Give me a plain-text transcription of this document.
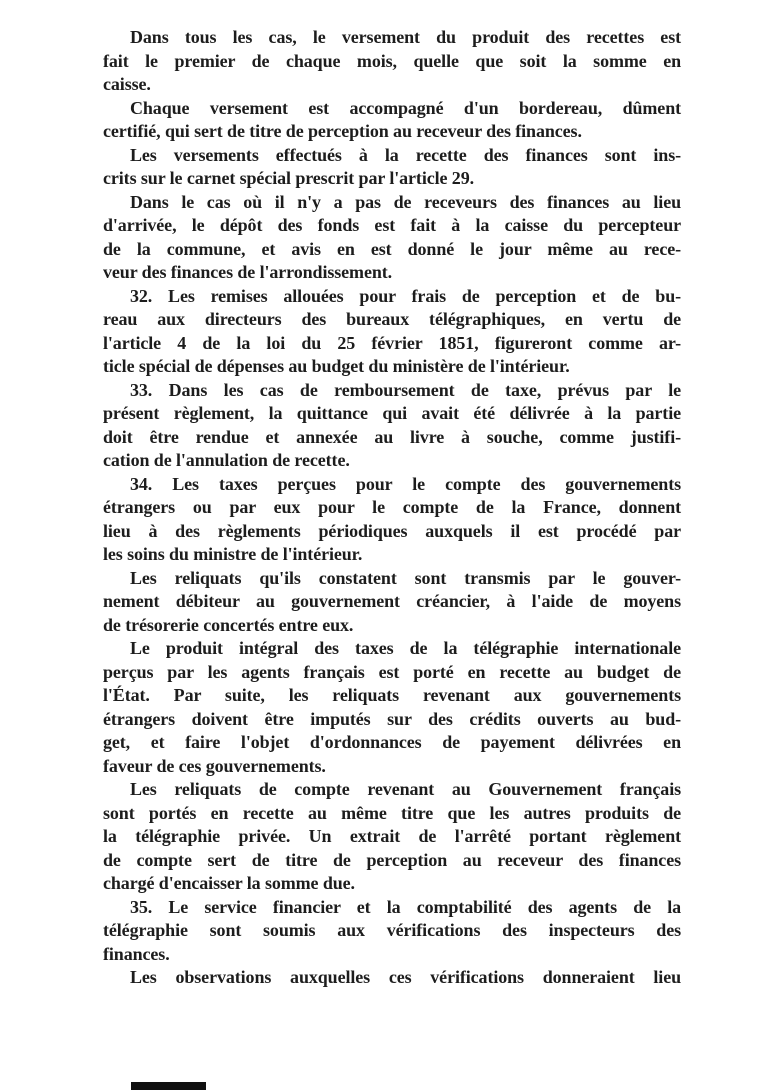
Dans tous les cas, le versement du produit des recettes est
fait le premier de chaque mois, quelle que soit la somme en
caisse.
Chaque versement est accompagné d'un bordereau, dûment
certifié, qui sert de titre de perception au receveur des finances.
Les versements effectués à la recette des finances sont ins-
crits sur le carnet spécial prescrit par l'article 29.
Dans le cas où il n'y a pas de receveurs des finances au lieu
d'arrivée, le dépôt des fonds est fait à la caisse du percepteur
de la commune, et avis en est donné le jour même au rece-
veur des finances de l'arrondissement.
32. Les remises allouées pour frais de perception et de bu-
reau aux directeurs des bureaux télégraphiques, en vertu de
l'article 4 de la loi du 25 février 1851, figureront comme ar-
ticle spécial de dépenses au budget du ministère de l'intérieur.
33. Dans les cas de remboursement de taxe, prévus par le
présent règlement, la quittance qui avait été délivrée à la partie
doit être rendue et annexée au livre à souche, comme justifi-
cation de l'annulation de recette.
34. Les taxes perçues pour le compte des gouvernements
étrangers ou par eux pour le compte de la France, donnent
lieu à des règlements périodiques auxquels il est procédé par
les soins du ministre de l'intérieur.
Les reliquats qu'ils constatent sont transmis par le gouver-
nement débiteur au gouvernement créancier, à l'aide de moyens
de trésorerie concertés entre eux.
Le produit intégral des taxes de la télégraphie internationale
perçus par les agents français est porté en recette au budget de
l'État. Par suite, les reliquats revenant aux gouvernements
étrangers doivent être imputés sur des crédits ouverts au bud-
get, et faire l'objet d'ordonnances de payement délivrées en
faveur de ces gouvernements.
Les reliquats de compte revenant au Gouvernement français
sont portés en recette au même titre que les autres produits de
la télégraphie privée. Un extrait de l'arrêté portant règlement
de compte sert de titre de perception au receveur des finances
chargé d'encaisser la somme due.
35. Le service financier et la comptabilité des agents de la
télégraphie sont soumis aux vérifications des inspecteurs des
finances.
Les observations auxquelles ces vérifications donneraient lieu
